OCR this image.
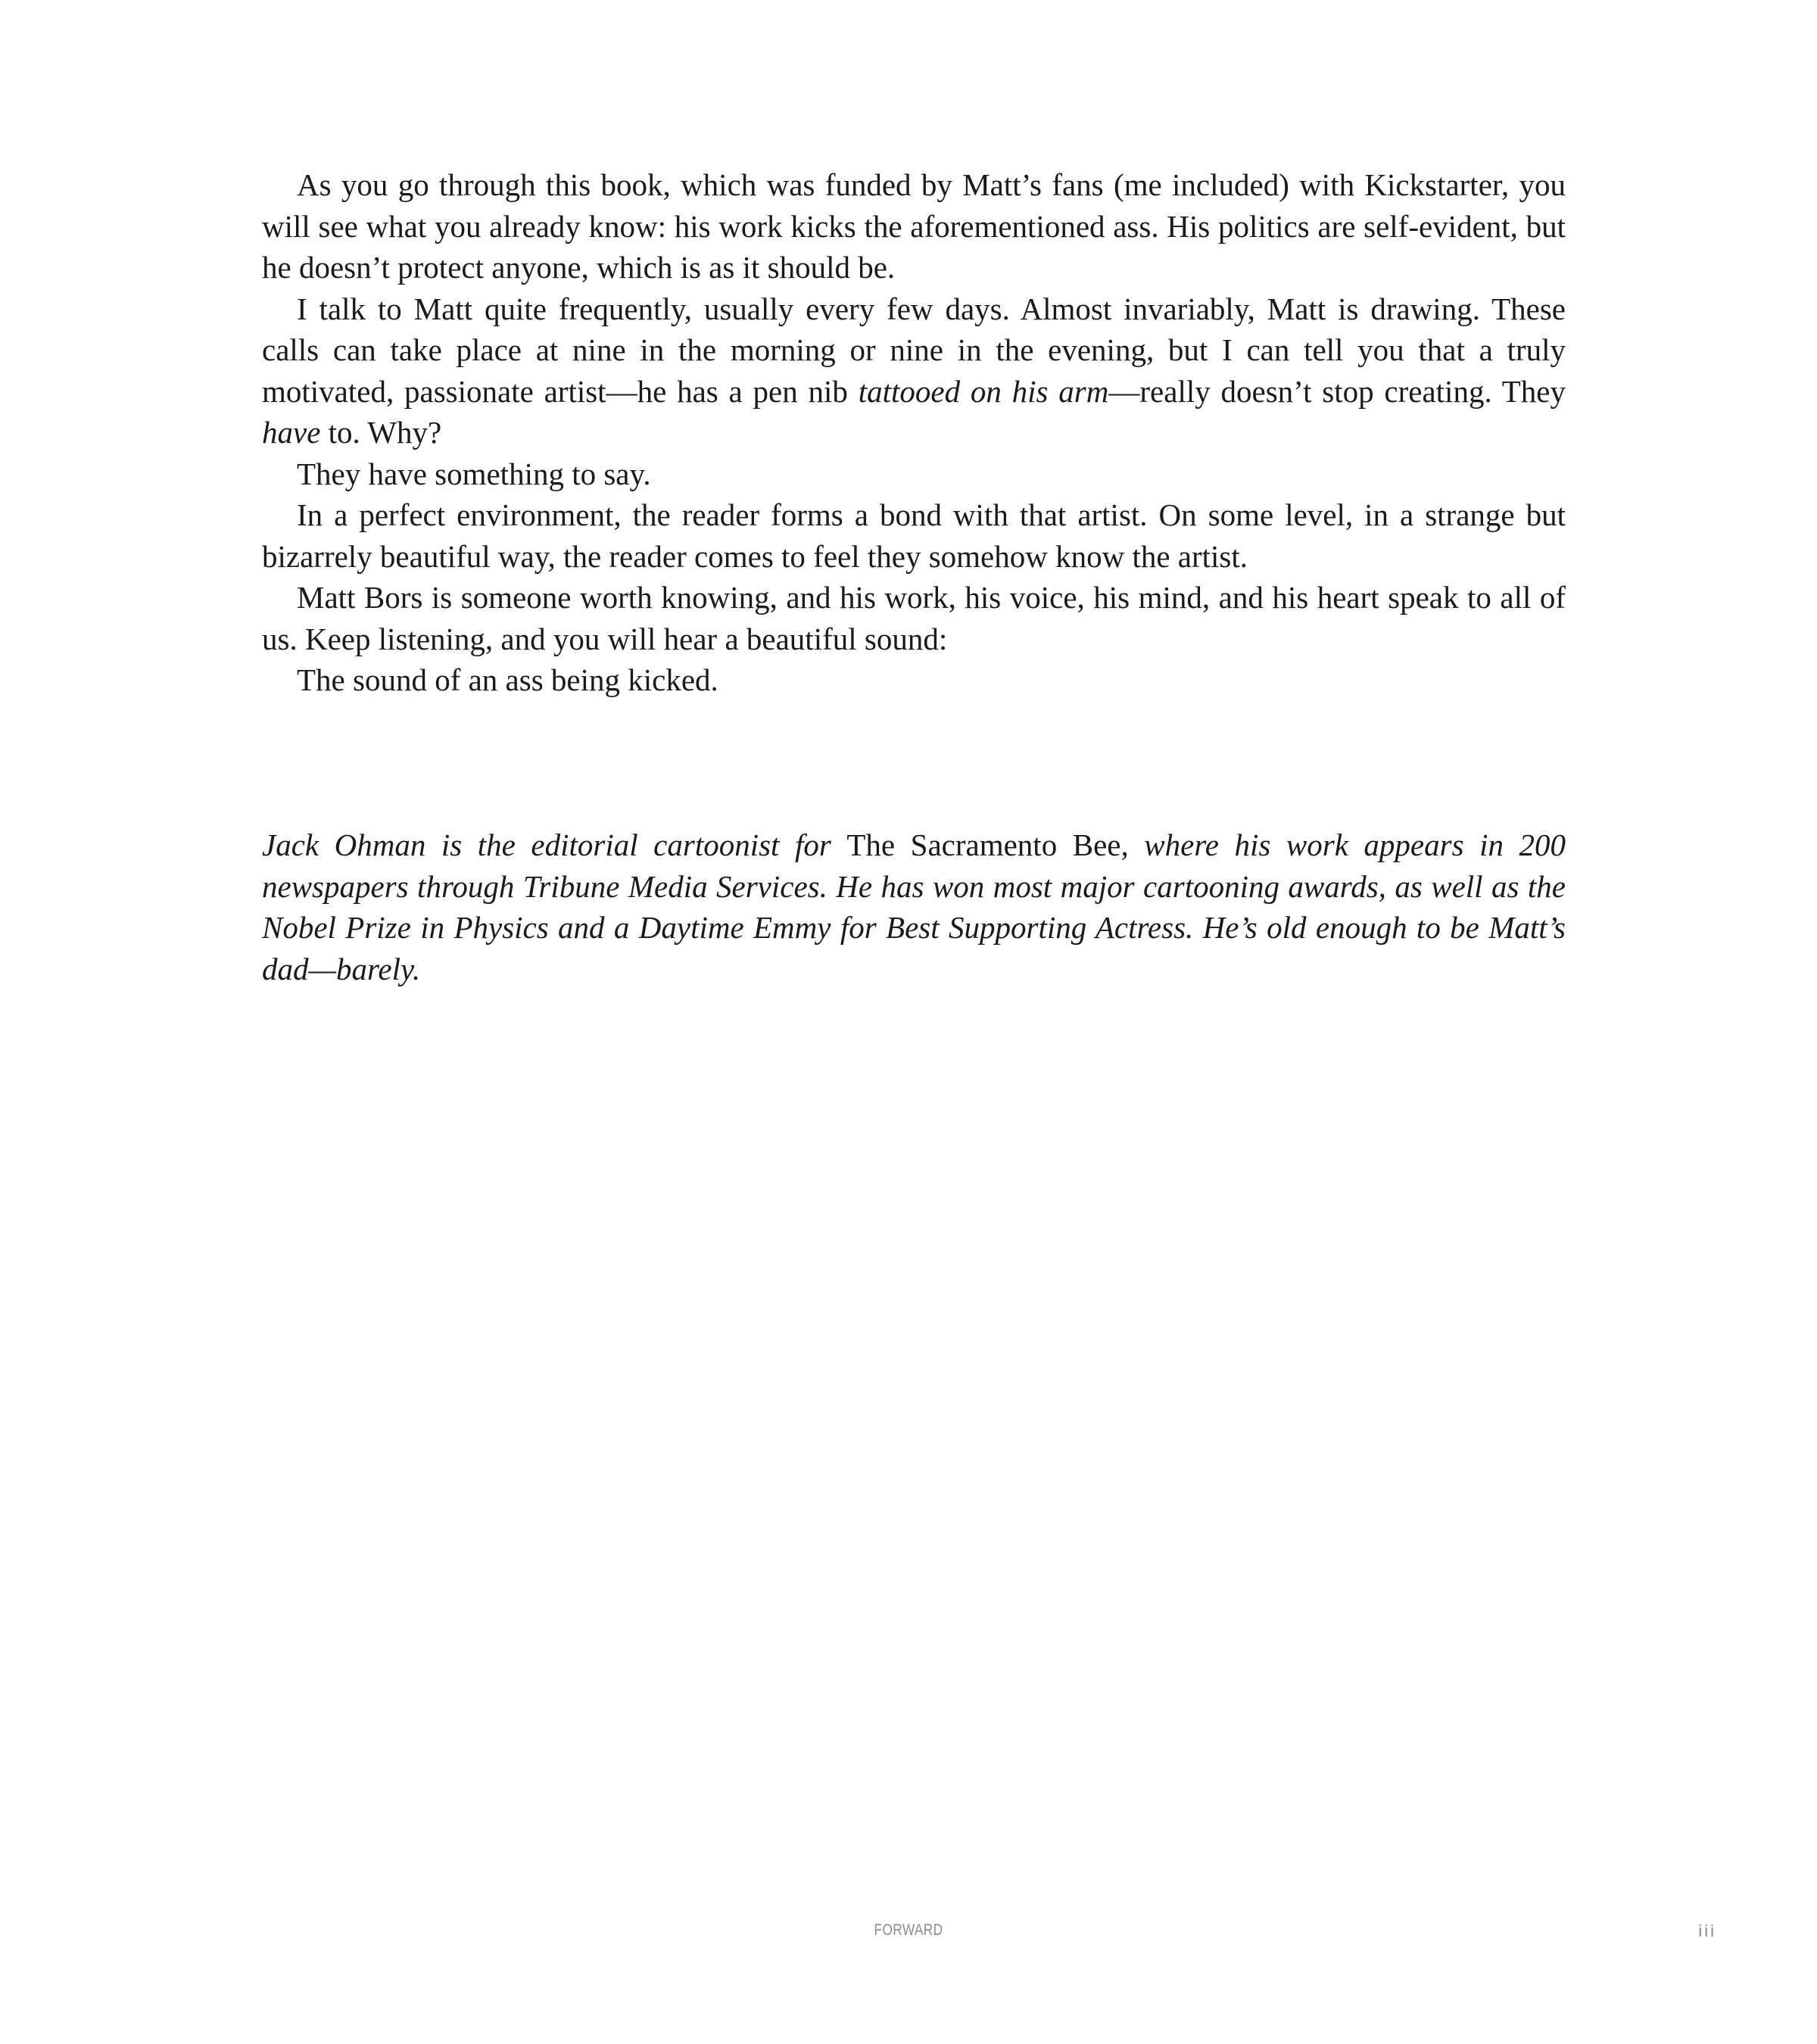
As you go through this book, which was funded by Matt’s fans (me included) with Kickstarter, you will see what you already know: his work kicks the aforementioned ass. His politics are self-evident, but he doesn’t protect anyone, which is as it should be.

I talk to Matt quite frequently, usually every few days. Almost invariably, Matt is drawing. These calls can take place at nine in the morning or nine in the evening, but I can tell you that a truly motivated, passionate artist—he has a pen nib tattooed on his arm—really doesn’t stop creating. They have to. Why?

They have something to say.

In a perfect environment, the reader forms a bond with that artist. On some level, in a strange but bizarrely beautiful way, the reader comes to feel they somehow know the artist.

Matt Bors is someone worth knowing, and his work, his voice, his mind, and his heart speak to all of us. Keep listening, and you will hear a beautiful sound:

The sound of an ass being kicked.

Jack Ohman is the editorial cartoonist for The Sacramento Bee, where his work appears in 200 newspapers through Tribune Media Services. He has won most major cartooning awards, as well as the Nobel Prize in Physics and a Daytime Emmy for Best Supporting Actress. He’s old enough to be Matt’s dad—barely.
FORWARD	iii
